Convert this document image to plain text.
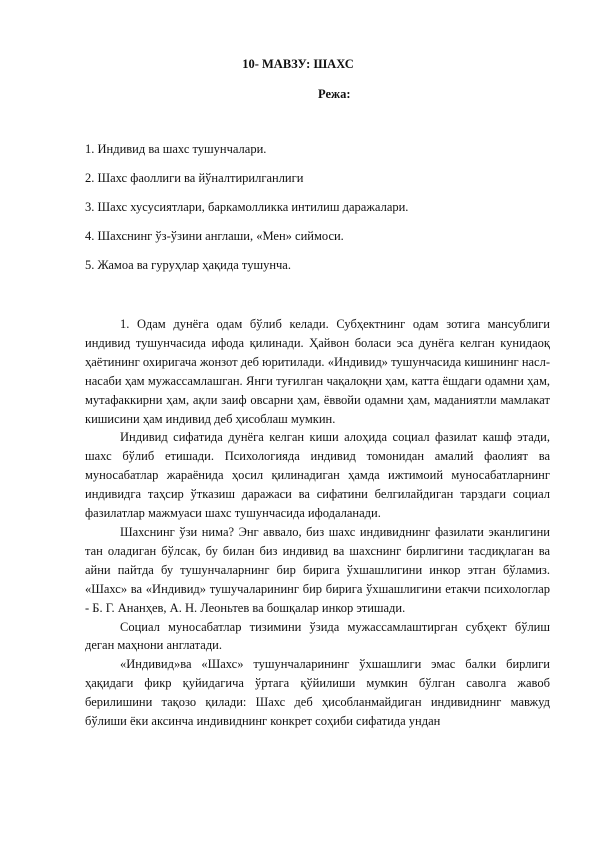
10- МАВЗУ: ШАХС
Режа:
1. Индивид ва шахс тушунчалари.
2. Шахс фаоллиги ва йўналтирилганлиги
3. Шахс хусусиятлари, баркамолликка интилиш даражалари.
4. Шахснинг ўз-ўзини англаши, «Мен» сиймоси.
5. Жамоа ва гуруҳлар ҳақида тушунча.

1. Одам дунёга одам бўлиб келади. Субҳектнинг одам зотига мансублиги индивид тушунчасида ифода қилинади. Ҳайвон боласи эса дунёга келган кунидаоқ ҳаётининг охиригача жонзот деб юритилади. «Индивид» тушунчасида кишининг насл-насаби ҳам мужассамлашган. Янги туғилган чақалоқни ҳам, катта ёшдаги одамни ҳам, мутафаккирни ҳам, ақли заиф овсарни ҳам, ёввойи одамни ҳам, маданиятли мамлакат кишисини ҳам индивид деб ҳисоблаш мумкин.

Индивид сифатида дунёга келган киши алоҳида социал фазилат кашф этади, шахс бўлиб етишади. Психологияда индивид томонидан амалий фаолият ва муносабатлар жараёнида ҳосил қилинадиган ҳамда ижтимоий муносабатларнинг индивидга таҳсир ўтказиш даражаси ва сифатини белгилайдиган тарздаги социал фазилатлар мажмуаси шахс тушунчасида ифодаланади.

Шахснинг ўзи нима? Энг аввало, биз шахс индивиднинг фазилати эканлигини тан оладиган бўлсак, бу билан биз индивид ва шахснинг бирлигини тасдиқлаган ва айни пайтда бу тушунчаларнинг бир бирига ўхшашлигини инкор этган бўламиз. «Шахс» ва «Индивид» тушучаларининг бир бирига ўхшашлигини етакчи психологлар - Б. Г. Ананҳев, А. Н. Леоньтев ва бошқалар инкор этишади.

Социал муносабатлар тизимини ўзида мужассамлаштирган субҳект бўлиш деган маҳнони англатади.

«Индивид»ва «Шахс» тушунчаларининг ўхшашлиги эмас балки бирлиги ҳақидаги фикр қуйидагича ўртага қўйилиши мумкин бўлган саволга жавоб берилишини тақозо қилади: Шахс деб ҳисобланмайдиган индивиднинг мавжуд бўлиши ёки аксинча индивиднинг конкрет соҳиби сифатида ундан
